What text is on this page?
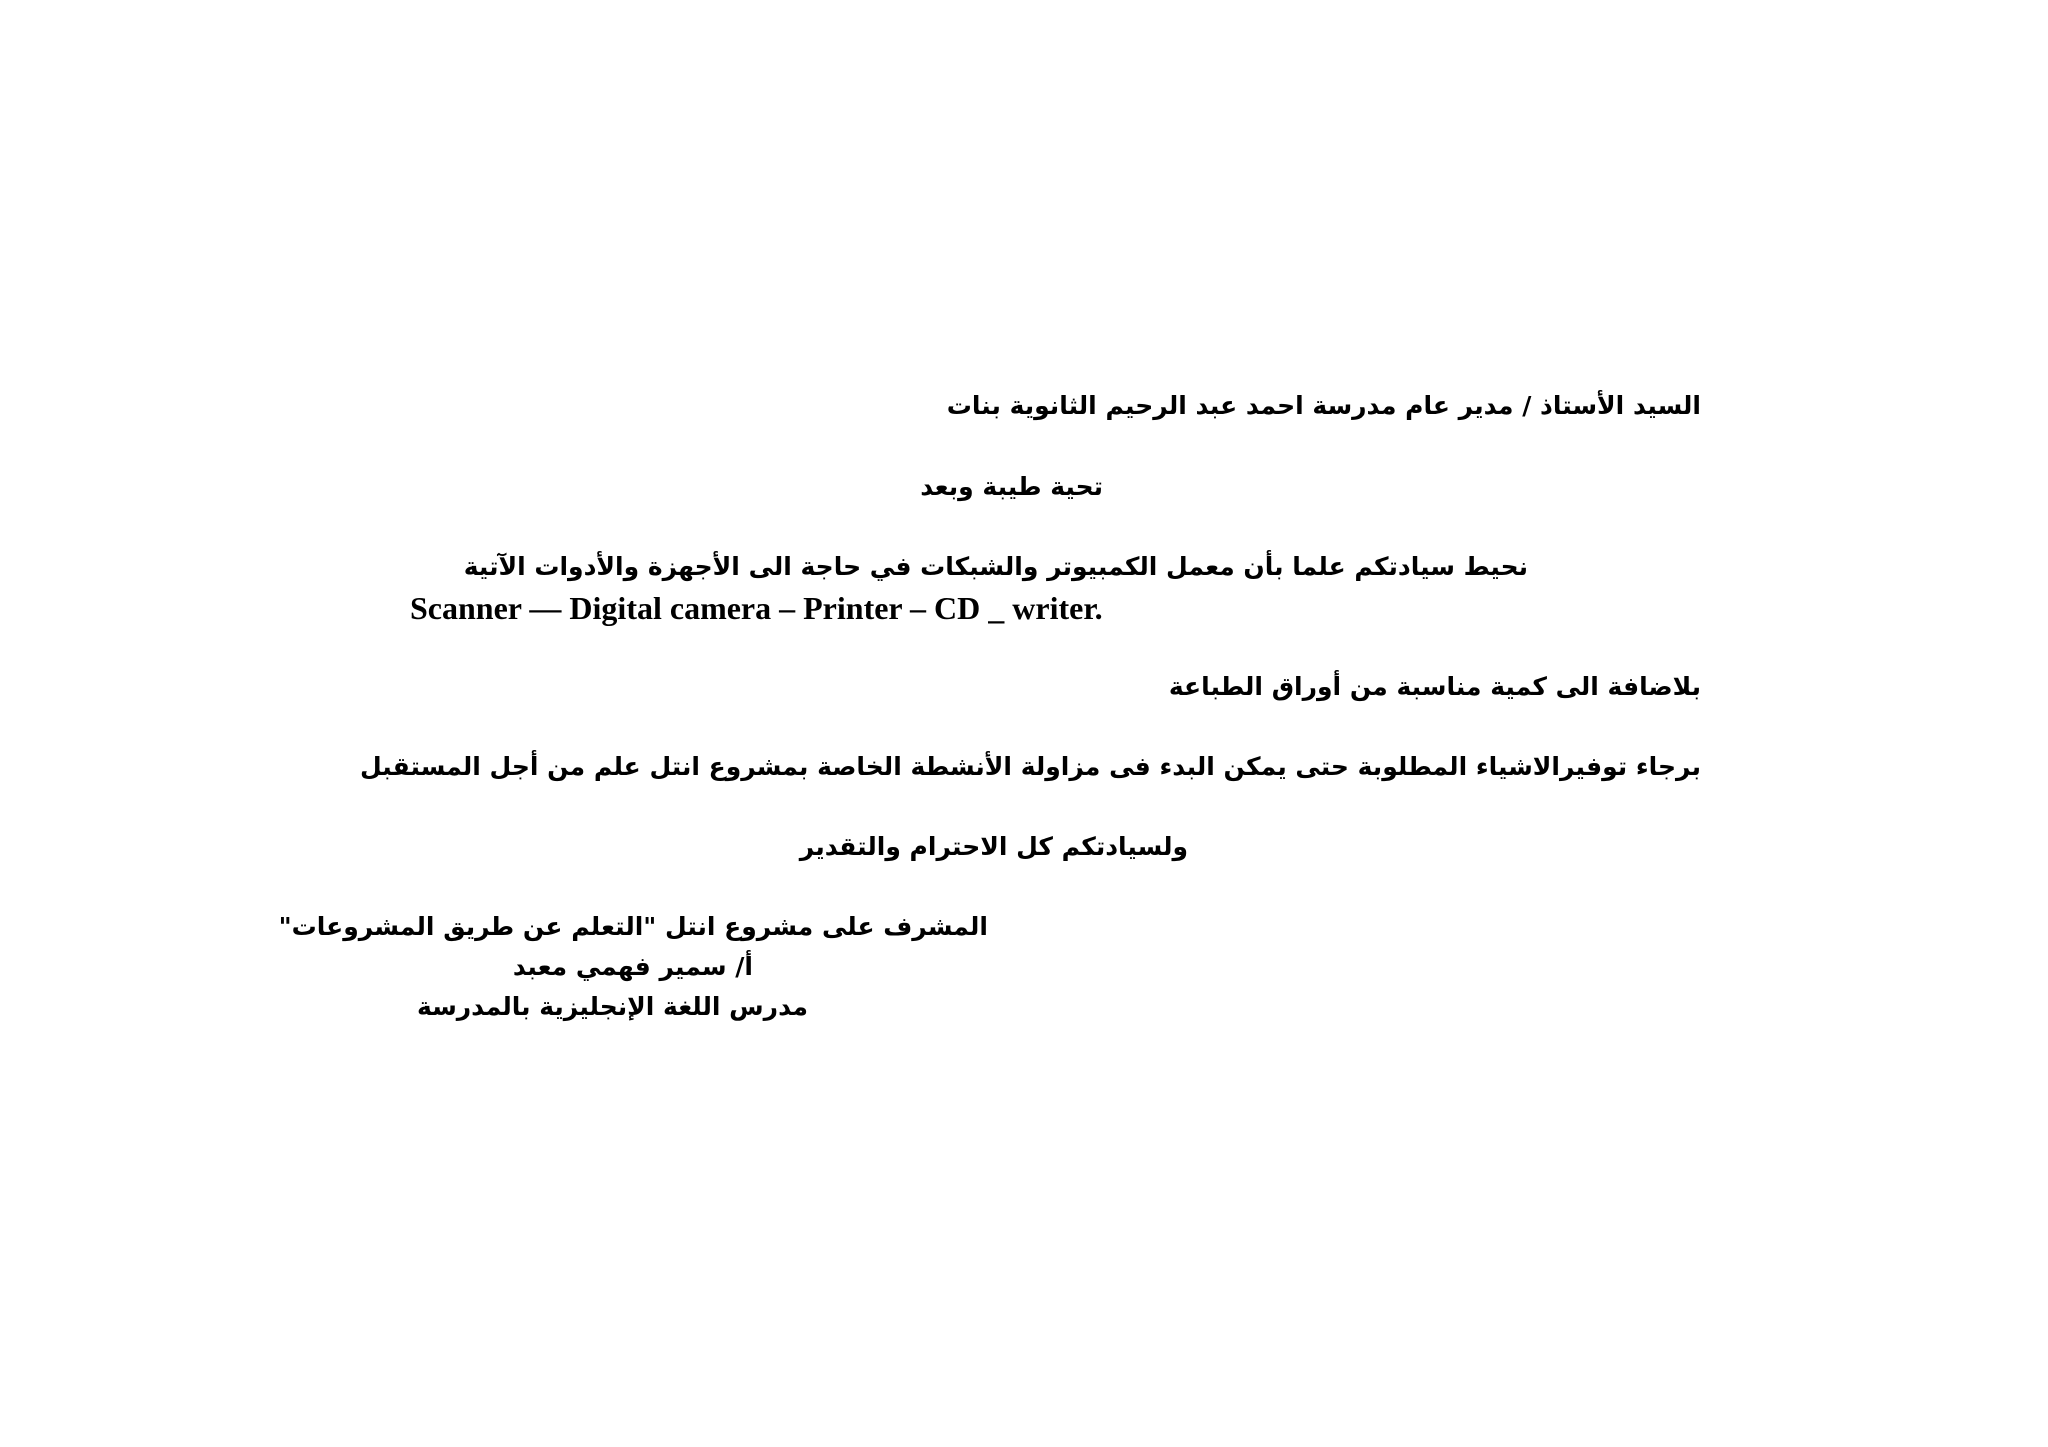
السيد الأستاذ / مدير عام مدرسة احمد عبد الرحيم الثانوية بنات
تحية طيبة وبعد
نحيط سيادتكم علما بأن معمل الكمبيوتر والشبكات في حاجة الى الأجهزة والأدوات الآتية
Scanner — Digital camera – Printer – CD _ writer.
بلاضافة الى كمية مناسبة من أوراق الطباعة
برجاء توفيرالاشياء المطلوبة حتى يمكن البدء فى مزاولة الأنشطة الخاصة بمشروع انتل علم من أجل المستقبل
ولسيادتكم كل الاحترام والتقدير
المشرف على مشروع انتل "التعلم عن طريق المشروعات"
أ/ سمير فهمي معبد
مدرس اللغة الإنجليزية بالمدرسة
